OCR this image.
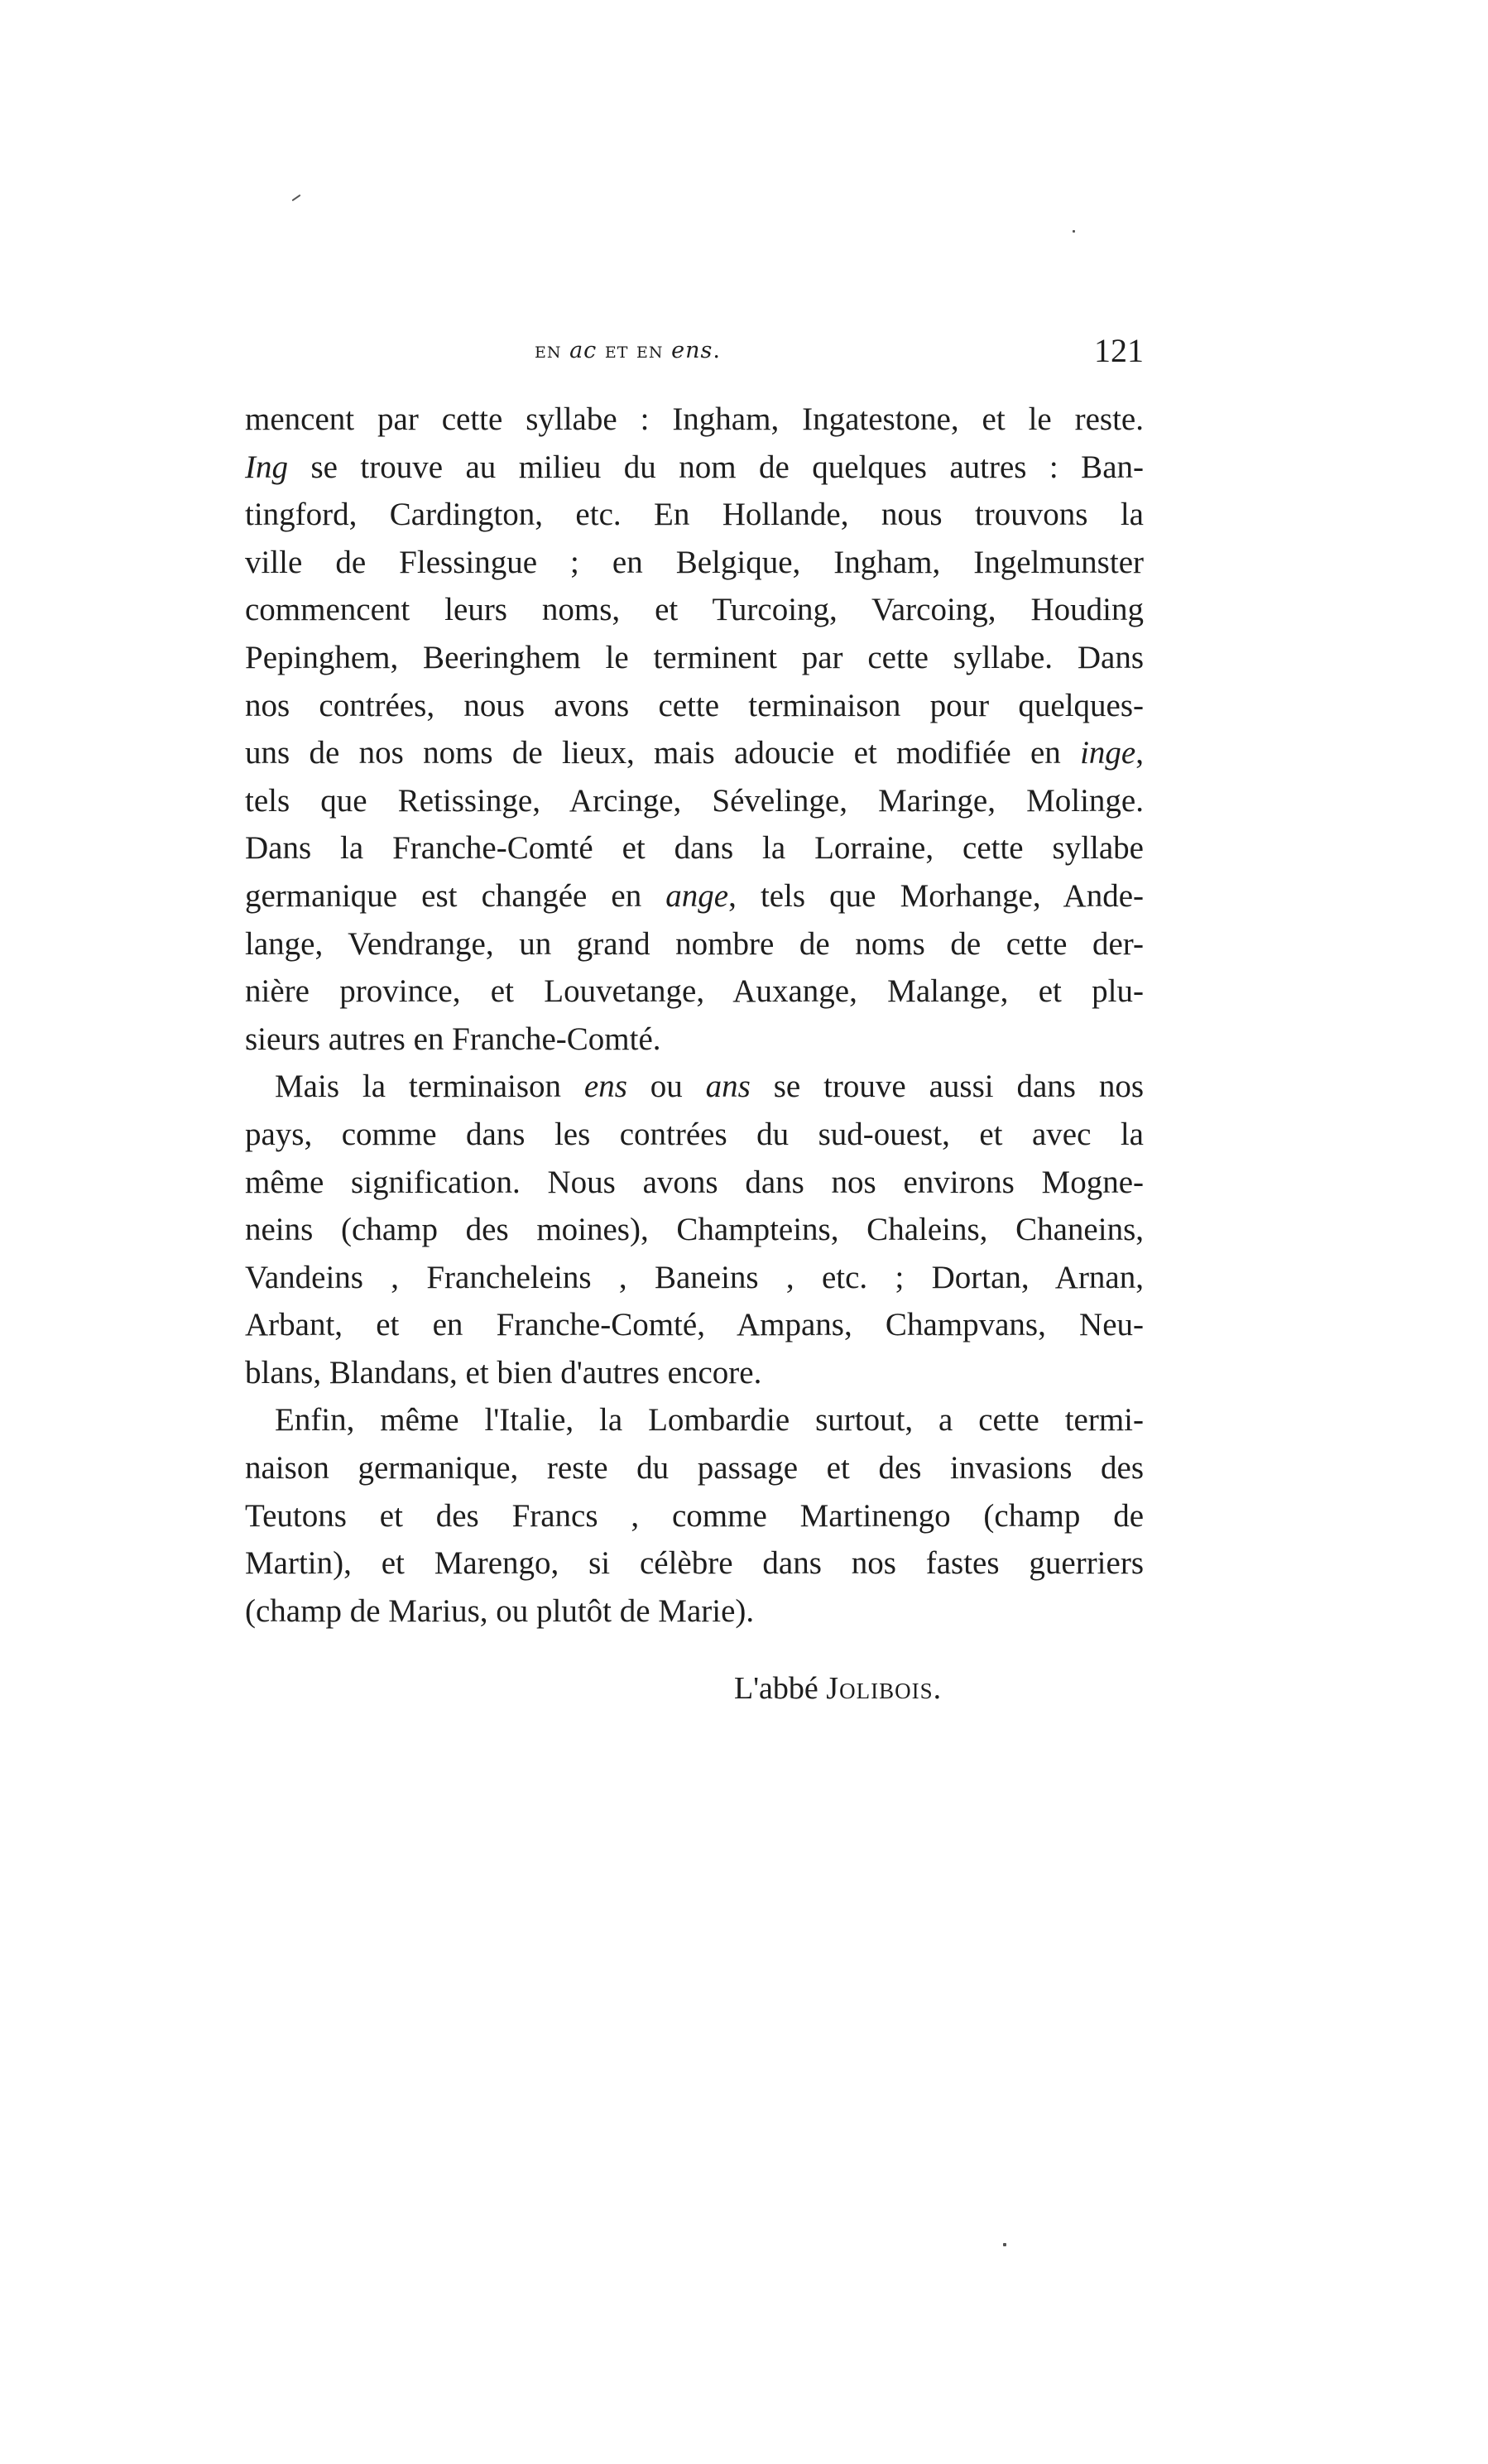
en ac et en ens.	121
mencent par cette syllabe : Ingham, Ingatestone, et le reste.
Ing se trouve au milieu du nom de quelques autres : Ban-
tingford, Cardington, etc. En Hollande, nous trouvons la
ville de Flessingue ; en Belgique, Ingham, Ingelmunster
commencent leurs noms, et Turcoing, Varcoing, Houding
Pepinghem, Beeringhem le terminent par cette syllabe. Dans
nos contrées, nous avons cette terminaison pour quelques-
uns de nos noms de lieux, mais adoucie et modifiée en inge,
tels que Retissinge, Arcinge, Sévelinge, Maringe, Molinge.
Dans la Franche-Comté et dans la Lorraine, cette syllabe
germanique est changée en ange, tels que Morhange, Ande-
lange, Vendrange, un grand nombre de noms de cette der-
nière province, et Louvetange, Auxange, Malange, et plu-
sieurs autres en Franche-Comté.
Mais la terminaison ens ou ans se trouve aussi dans nos
pays, comme dans les contrées du sud-ouest, et avec la
même signification. Nous avons dans nos environs Mogne-
neins (champ des moines), Champteins, Chaleins, Chaneins,
Vandeins , Francheleins , Baneins , etc. ; Dortan, Arnan,
Arbant, et en Franche-Comté, Ampans, Champvans, Neu-
blans, Blandans, et bien d'autres encore.
Enfin, même l'Italie, la Lombardie surtout, a cette termi-
naison germanique, reste du passage et des invasions des
Teutons et des Francs , comme Martinengo (champ de
Martin), et Marengo, si célèbre dans nos fastes guerriers
(champ de Marius, ou plutôt de Marie).
L'abbé Jolibois.
